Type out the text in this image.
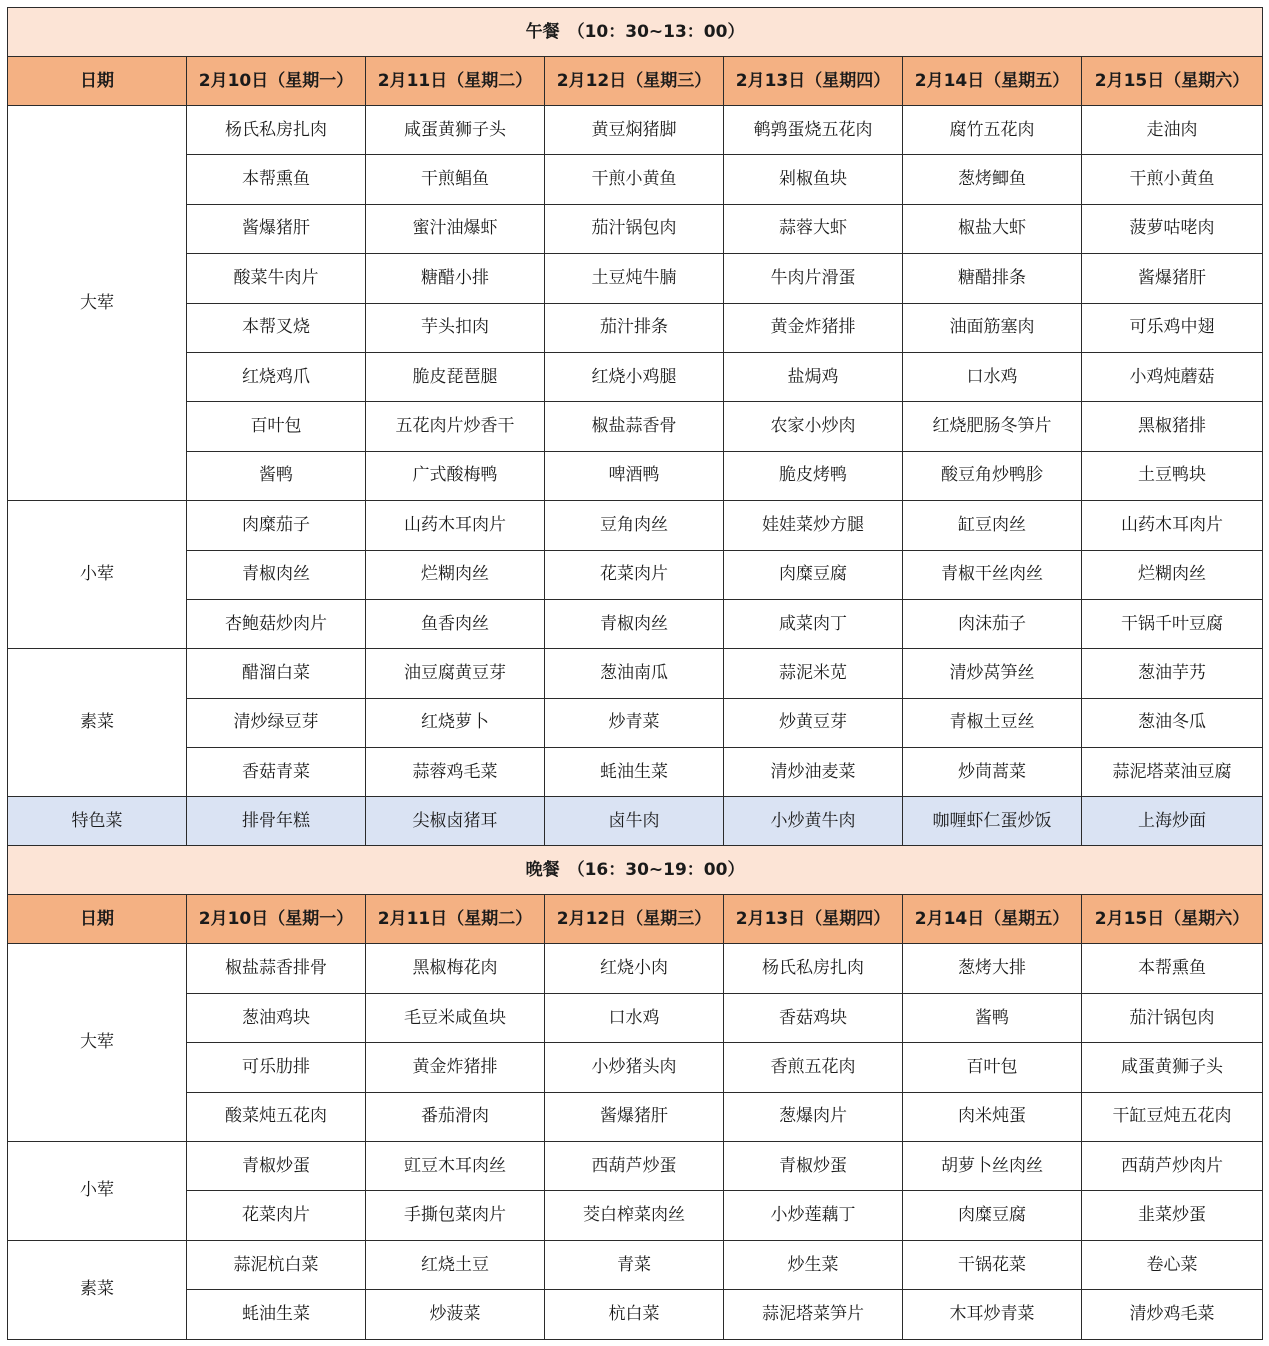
午餐 （10：30~13：00）						
日期	2月10日（星期一）	2月11日（星期二）	2月12日（星期三）	2月13日（星期四）	2月14日（星期五）	2月15日（星期六）
大荤	杨氏私房扎肉	咸蛋黄狮子头	黄豆焖猪脚	鹌鹑蛋烧五花肉	腐竹五花肉	走油肉
	本帮熏鱼	干煎鲳鱼	干煎小黄鱼	剁椒鱼块	葱烤鲫鱼	干煎小黄鱼
	酱爆猪肝	蜜汁油爆虾	茄汁锅包肉	蒜蓉大虾	椒盐大虾	菠萝咕咾肉
	酸菜牛肉片	糖醋小排	土豆炖牛腩	牛肉片滑蛋	糖醋排条	酱爆猪肝
	本帮叉烧	芋头扣肉	茄汁排条	黄金炸猪排	油面筋塞肉	可乐鸡中翅
	红烧鸡爪	脆皮琵琶腿	红烧小鸡腿	盐焗鸡	口水鸡	小鸡炖蘑菇
	百叶包	五花肉片炒香干	椒盐蒜香骨	农家小炒肉	红烧肥肠冬笋片	黑椒猪排
	酱鸭	广式酸梅鸭	啤酒鸭	脆皮烤鸭	酸豆角炒鸭胗	土豆鸭块
小荤	肉糜茄子	山药木耳肉片	豆角肉丝	娃娃菜炒方腿	缸豆肉丝	山药木耳肉片
	青椒肉丝	烂糊肉丝	花菜肉片	肉糜豆腐	青椒干丝肉丝	烂糊肉丝
	杏鲍菇炒肉片	鱼香肉丝	青椒肉丝	咸菜肉丁	肉沫茄子	干锅千叶豆腐
素菜	醋溜白菜	油豆腐黄豆芽	葱油南瓜	蒜泥米苋	清炒莴笋丝	葱油芋艿
	清炒绿豆芽	红烧萝卜	炒青菜	炒黄豆芽	青椒土豆丝	葱油冬瓜
	香菇青菜	蒜蓉鸡毛菜	蚝油生菜	清炒油麦菜	炒茼蒿菜	蒜泥塔菜油豆腐
特色菜	排骨年糕	尖椒卤猪耳	卤牛肉	小炒黄牛肉	咖喱虾仁蛋炒饭	上海炒面
晚餐 （16：30~19：00）						
日期	2月10日（星期一）	2月11日（星期二）	2月12日（星期三）	2月13日（星期四）	2月14日（星期五）	2月15日（星期六）
大荤	椒盐蒜香排骨	黑椒梅花肉	红烧小肉	杨氏私房扎肉	葱烤大排	本帮熏鱼
	葱油鸡块	毛豆米咸鱼块	口水鸡	香菇鸡块	酱鸭	茄汁锅包肉
	可乐肋排	黄金炸猪排	小炒猪头肉	香煎五花肉	百叶包	咸蛋黄狮子头
	酸菜炖五花肉	番茄滑肉	酱爆猪肝	葱爆肉片	肉米炖蛋	干缸豆炖五花肉
小荤	青椒炒蛋	豇豆木耳肉丝	西葫芦炒蛋	青椒炒蛋	胡萝卜丝肉丝	西葫芦炒肉片
	花菜肉片	手撕包菜肉片	茭白榨菜肉丝	小炒莲藕丁	肉糜豆腐	韭菜炒蛋
素菜	蒜泥杭白菜	红烧土豆	青菜	炒生菜	干锅花菜	卷心菜
	蚝油生菜	炒菠菜	杭白菜	蒜泥塔菜笋片	木耳炒青菜	清炒鸡毛菜
